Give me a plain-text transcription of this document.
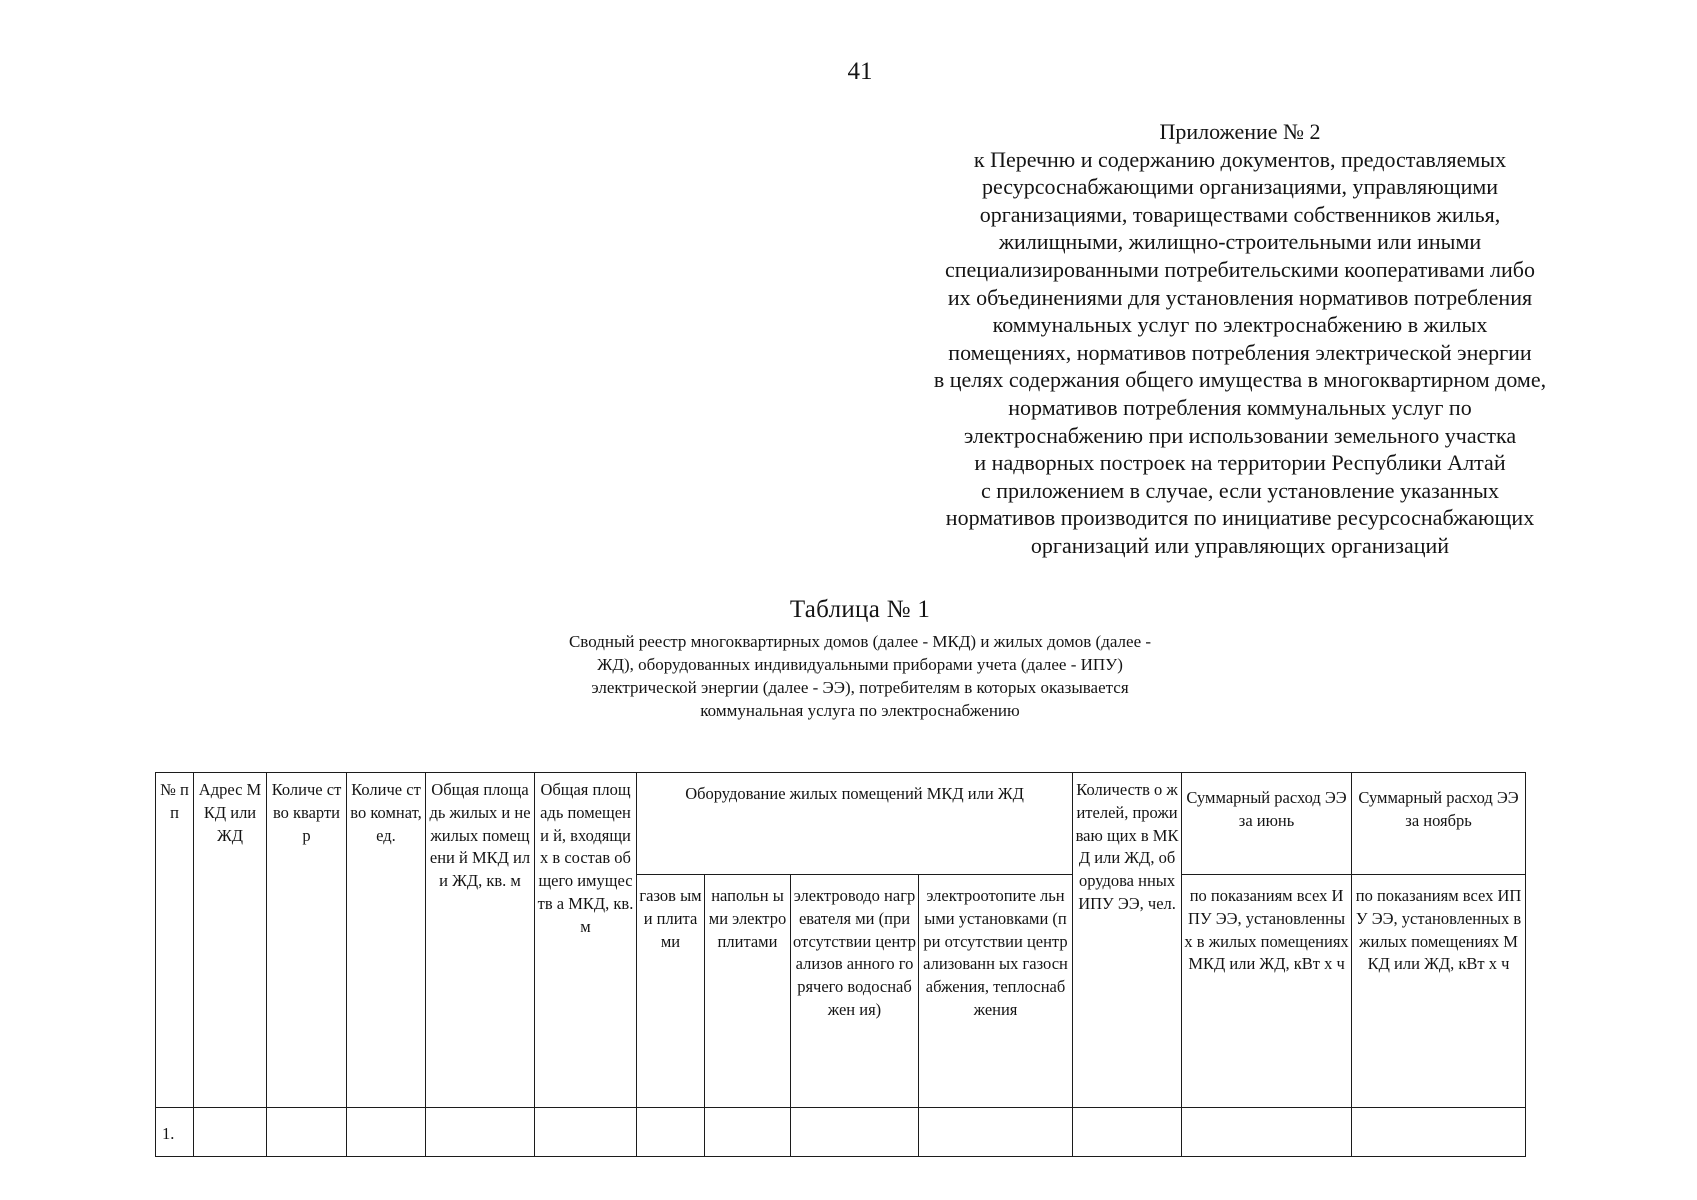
41
Приложение № 2
к Перечню и содержанию документов, предоставляемых
ресурсоснабжающими организациями, управляющими
организациями, товариществами собственников жилья,
жилищными, жилищно-строительными или иными
специализированными потребительскими кооперативами либо
их объединениями для установления нормативов потребления
коммунальных услуг по электроснабжению в жилых
помещениях, нормативов потребления электрической энергии
в целях содержания общего имущества в многоквартирном доме,
нормативов потребления коммунальных услуг по
электроснабжению при использовании земельного участка
и надворных построек на территории Республики Алтай
с приложением в случае, если установление указанных
нормативов производится по инициативе ресурсоснабжающих
организаций или управляющих организаций
Таблица № 1
Сводный реестр многоквартирных домов (далее - МКД) и жилых домов (далее -
ЖД), оборудованных индивидуальными приборами учета (далее - ИПУ)
электрической энергии (далее - ЭЭ), потребителям в которых оказывается
коммунальная услуга по электроснабжению
№ пп	Адрес МКД или ЖД	Количе ство кварти р	Количе ство комнат, ед.	Общая площадь жилых и нежилых помещени й МКД или ЖД, кв. м	Общая площадь помещени й, входящих в состав общего имуществ а МКД, кв. м	Оборудование жилых помещений МКД или ЖД				Количеств о жителей, проживаю щих в МКД или ЖД, оборудова нных ИПУ ЭЭ, чел.	Суммарный расход ЭЭ за июнь	Суммарный расход ЭЭ за ноябрь
						газов ыми плита ми	напольн ыми электро плитами	электроводо нагревателя ми (при отсутствии централизов анного горячего водоснабжен ия)	электроотопите льными установками (при отсутствии централизованн ых газоснабжения, теплоснабжения		по показаниям всех ИПУ ЭЭ, установленных в жилых помещениях МКД или ЖД, кВт х ч	по показаниям всех ИПУ ЭЭ, установленных в жилых помещениях МКД или ЖД, кВт х ч
1.												
